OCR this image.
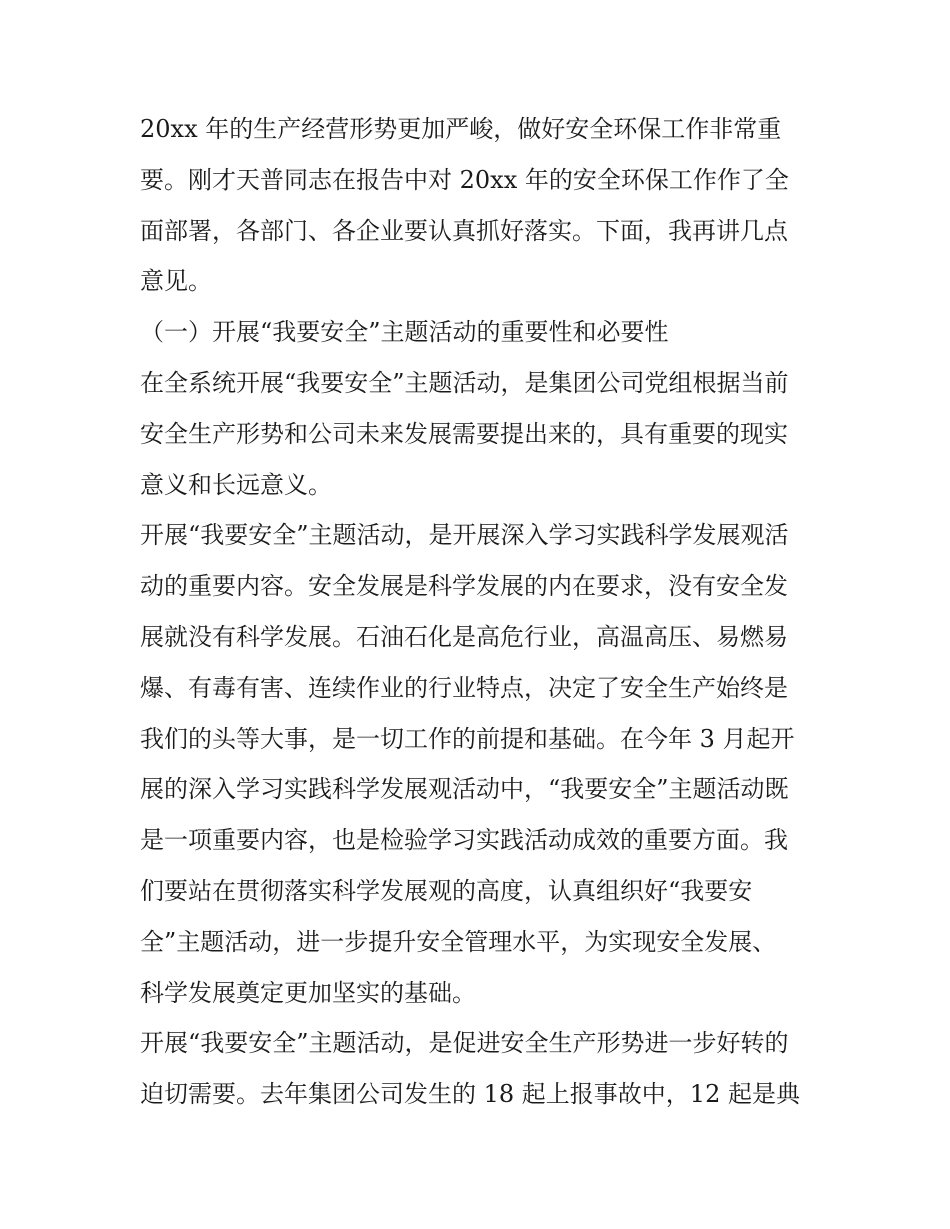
20xx 年的生产经营形势更加严峻，做好安全环保工作非常重
要。刚才天普同志在报告中对 20xx 年的安全环保工作作了全
面部署，各部门、各企业要认真抓好落实。下面，我再讲几点
意见。
（一）开展“我要安全”主题活动的重要性和必要性
在全系统开展“我要安全”主题活动，是集团公司党组根据当前
安全生产形势和公司未来发展需要提出来的，具有重要的现实
意义和长远意义。
开展“我要安全”主题活动，是开展深入学习实践科学发展观活
动的重要内容。安全发展是科学发展的内在要求，没有安全发
展就没有科学发展。石油石化是高危行业，高温高压、易燃易
爆、有毒有害、连续作业的行业特点，决定了安全生产始终是
我们的头等大事，是一切工作的前提和基础。在今年 3 月起开
展的深入学习实践科学发展观活动中，“我要安全”主题活动既
是一项重要内容，也是检验学习实践活动成效的重要方面。我
们要站在贯彻落实科学发展观的高度，认真组织好“我要安
全”主题活动，进一步提升安全管理水平，为实现安全发展、
科学发展奠定更加坚实的基础。
开展“我要安全”主题活动，是促进安全生产形势进一步好转的
迫切需要。去年集团公司发生的 18 起上报事故中，12 起是典
